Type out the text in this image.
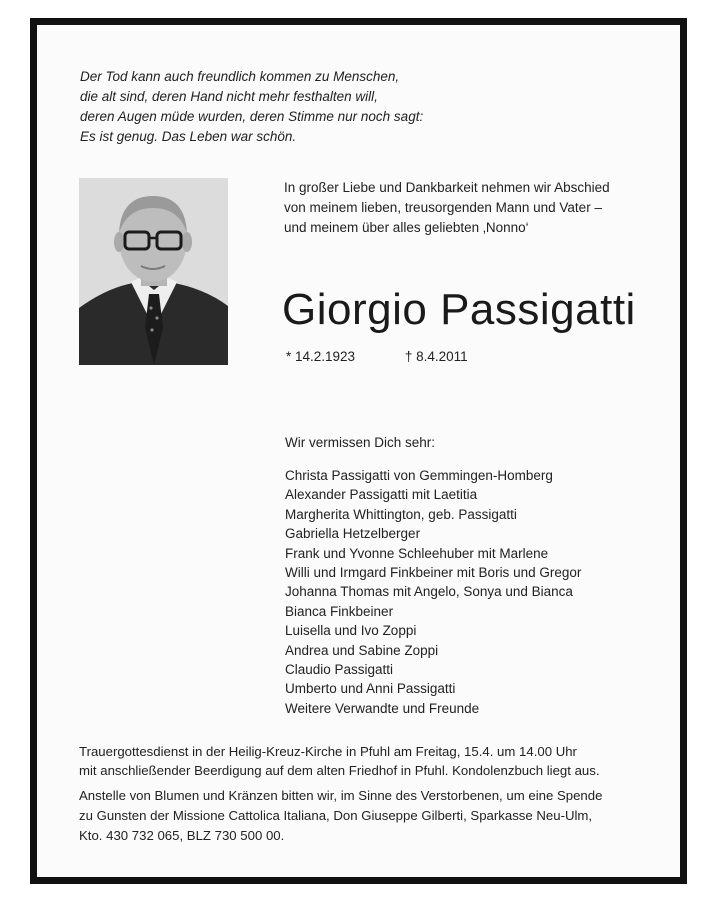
Der Tod kann auch freundlich kommen zu Menschen,
die alt sind, deren Hand nicht mehr festhalten will,
deren Augen müde wurden, deren Stimme nur noch sagt:
Es ist genug. Das Leben war schön.
In großer Liebe und Dankbarkeit nehmen wir Abschied
von meinem lieben, treusorgenden Mann und Vater –
und meinem über alles geliebten ‚Nonno‘
Giorgio Passigatti
* 14.2.1923	† 8.4.2011
Wir vermissen Dich sehr:
Christa Passigatti von Gemmingen-Homberg
Alexander Passigatti mit Laetitia
Margherita Whittington, geb. Passigatti
Gabriella Hetzelberger
Frank und Yvonne Schleehuber mit Marlene
Willi und Irmgard Finkbeiner mit Boris und Gregor
Johanna Thomas mit Angelo, Sonya und Bianca
Bianca Finkbeiner
Luisella und Ivo Zoppi
Andrea und Sabine Zoppi
Claudio Passigatti
Umberto und Anni Passigatti
Weitere Verwandte und Freunde
Trauergottesdienst in der Heilig-Kreuz-Kirche in Pfuhl am Freitag, 15.4. um 14.00 Uhr
mit anschließender Beerdigung auf dem alten Friedhof in Pfuhl. Kondolenzbuch liegt aus.
Anstelle von Blumen und Kränzen bitten wir, im Sinne des Verstorbenen, um eine Spende
zu Gunsten der Missione Cattolica Italiana, Don Giuseppe Gilberti, Sparkasse Neu-Ulm,
Kto. 430 732 065, BLZ 730 500 00.
